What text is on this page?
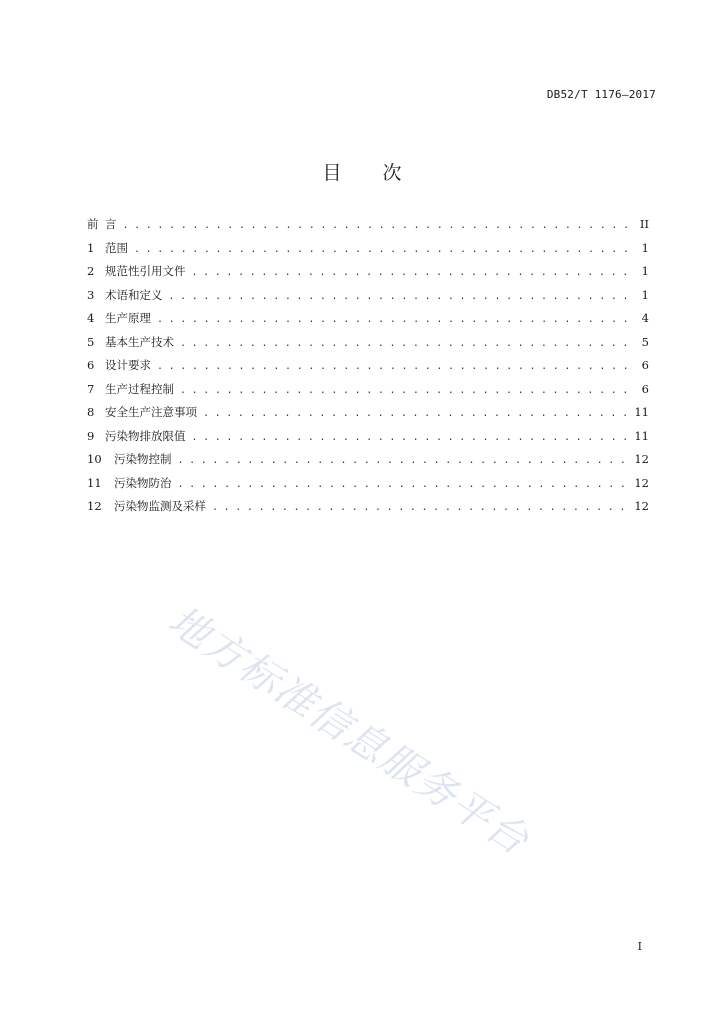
DB52/T 1176—2017
目 次
前 言 . . .	II
1 范围 . . .	1
2 规范性引用文件 . . .	1
3 术语和定义 . . .	1
4 生产原理 . . .	4
5 基本生产技术 . . .	5
6 设计要求 . . .	6
7 生产过程控制 . . .	6
8 安全生产注意事项 . . .	11
9 污染物排放限值 . . .	11
10	污染物控制 . . .	12
11	污染物防治 . . .	12
12	污染物监测及采样 . . .	12
地方标准信息服务平台
I
